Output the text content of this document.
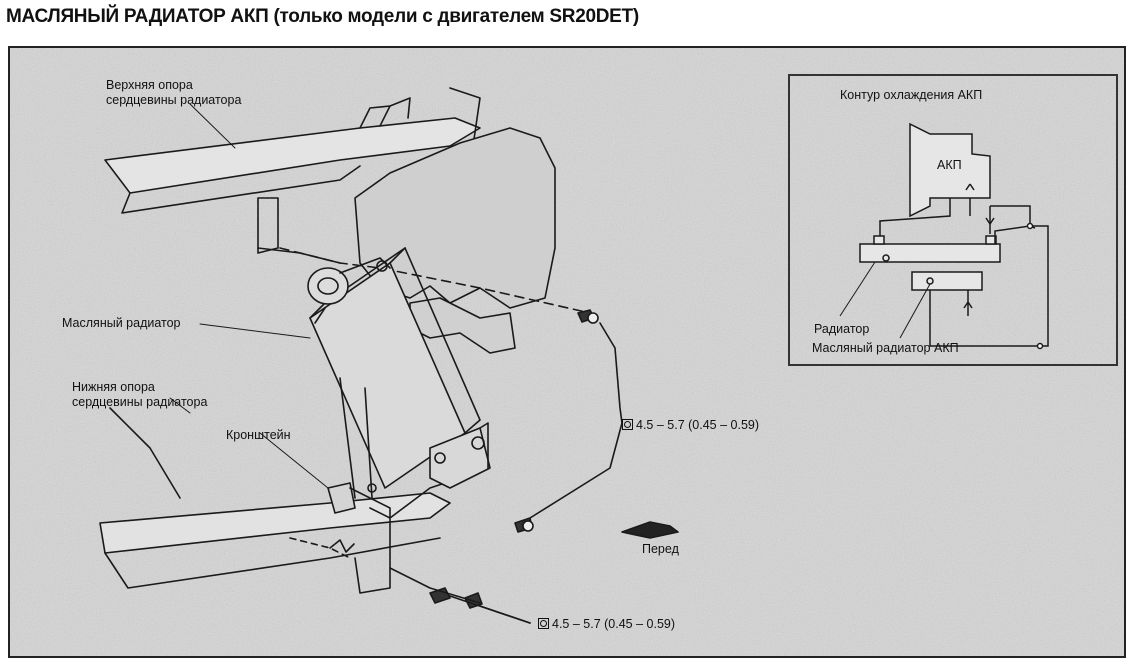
МАСЛЯНЫЙ РАДИАТОР АКП (только модели с двигателем SR20DET)
Верхняя опора
сердцевины радиатора
Масляный радиатор
Нижняя опора
сердцевины радиатора
Кронштейн
4.5 – 5.7 (0.45 – 0.59)
4.5 – 5.7 (0.45 – 0.59)
Перед
Контур охлаждения АКП
АКП
Радиатор
Масляный радиатор АКП
